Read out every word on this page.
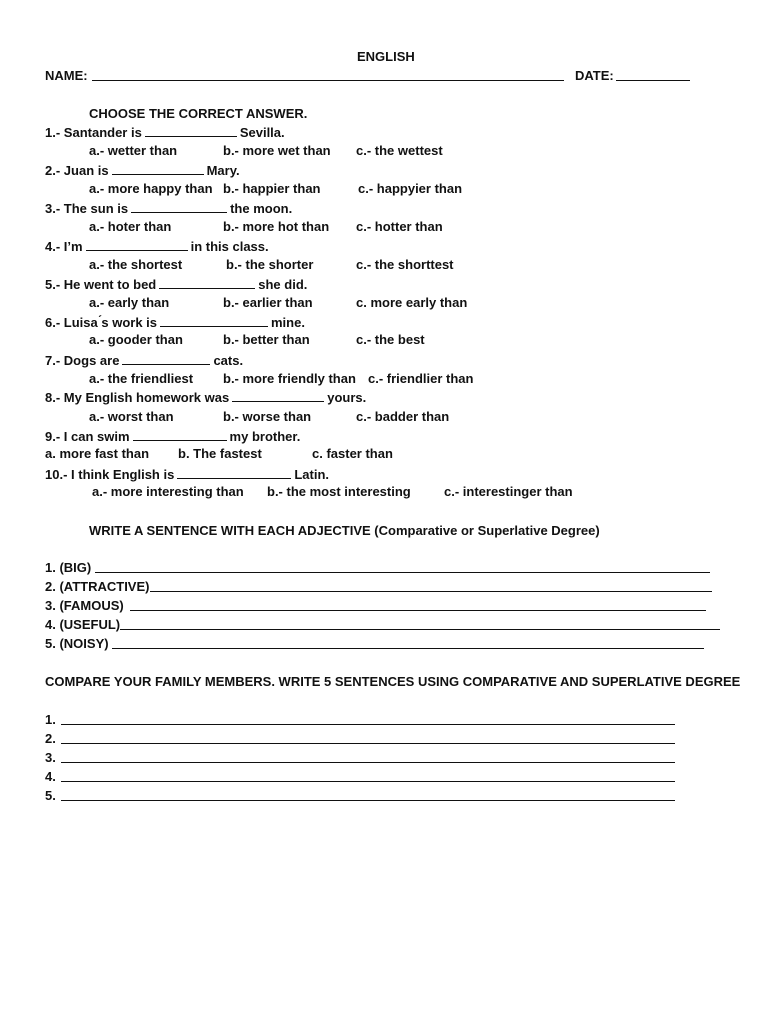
ENGLISH
NAME:	DATE:
CHOOSE THE CORRECT ANSWER.
1.- Santander is	Sevilla.
a.- wetter than	b.- more wet than c.- the wettest
2.- Juan is	Mary.
a.- more happy than b.- happier than	c.- happyier than
3.- The sun is	the moon.
a.- hoter than	b.- more hot than c.- hotter than
4.- I’m	in this class.
a.- the shortest	b.- the shorter	c.- the shorttest
5.- He went to bed	she did.
a.- early than	b.- earlier than	c. more early than
6.- Luisa ́s work is	mine.
a.- gooder than	b.- better than	c.- the best
7.- Dogs are	cats.
a.- the friendliest b.- more friendly than c.- friendlier than
8.- My English homework was	yours.
a.- worst than	b.- worse than	c.- badder than
9.- I can swim	my brother.
a. more fast than b. The fastest	c. faster than
10.- I think English is	Latin.
a.- more interesting than b.- the most interesting	c.- interestinger than
WRITE A SENTENCE WITH EACH ADJECTIVE (Comparative or Superlative Degree)
1. (BIG)
2. (ATTRACTIVE)
3. (FAMOUS)
4. (USEFUL)
5. (NOISY)
COMPARE YOUR FAMILY MEMBERS. WRITE 5 SENTENCES USING COMPARATIVE AND SUPERLATIVE DEGREE
1.
2.
3.
4.
5.
